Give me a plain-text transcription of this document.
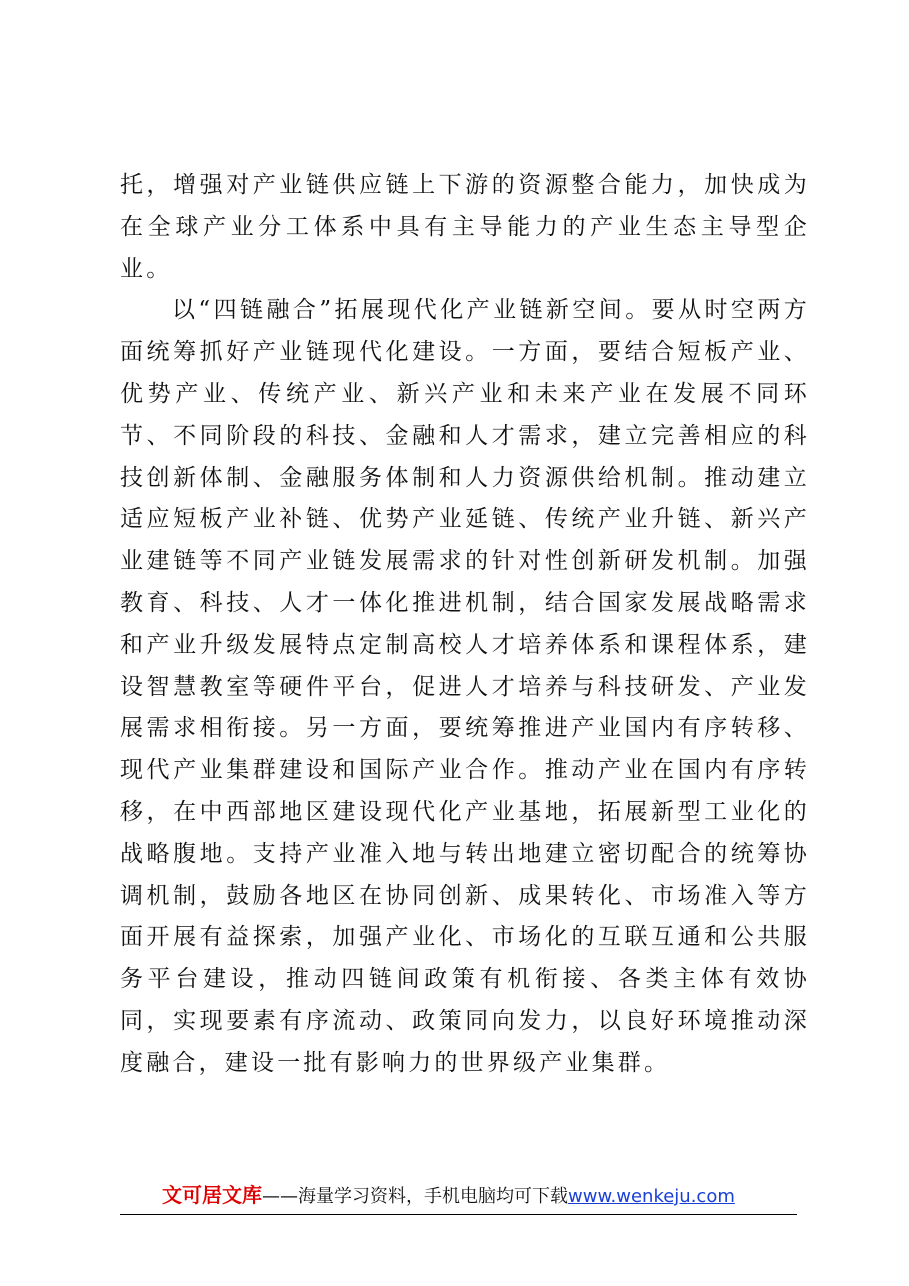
托，增强对产业链供应链上下游的资源整合能力，加快成为在全球产业分工体系中具有主导能力的产业生态主导型企业。

以“四链融合”拓展现代化产业链新空间。要从时空两方面统筹抓好产业链现代化建设。一方面，要结合短板产业、优势产业、传统产业、新兴产业和未来产业在发展不同环节、不同阶段的科技、金融和人才需求，建立完善相应的科技创新体制、金融服务体制和人力资源供给机制。推动建立适应短板产业补链、优势产业延链、传统产业升链、新兴产业建链等不同产业链发展需求的针对性创新研发机制。加强教育、科技、人才一体化推进机制，结合国家发展战略需求和产业升级发展特点定制高校人才培养体系和课程体系，建设智慧教室等硬件平台，促进人才培养与科技研发、产业发展需求相衔接。另一方面，要统筹推进产业国内有序转移、现代产业集群建设和国际产业合作。推动产业在国内有序转移，在中西部地区建设现代化产业基地，拓展新型工业化的战略腹地。支持产业准入地与转出地建立密切配合的统筹协调机制，鼓励各地区在协同创新、成果转化、市场准入等方面开展有益探索，加强产业化、市场化的互联互通和公共服务平台建设，推动四链间政策有机衔接、各类主体有效协同，实现要素有序流动、政策同向发力，以良好环境推动深度融合，建设一批有影响力的世界级产业集群。

文可居文库——海量学习资料，手机电脑均可下载www.wenkeju.com
